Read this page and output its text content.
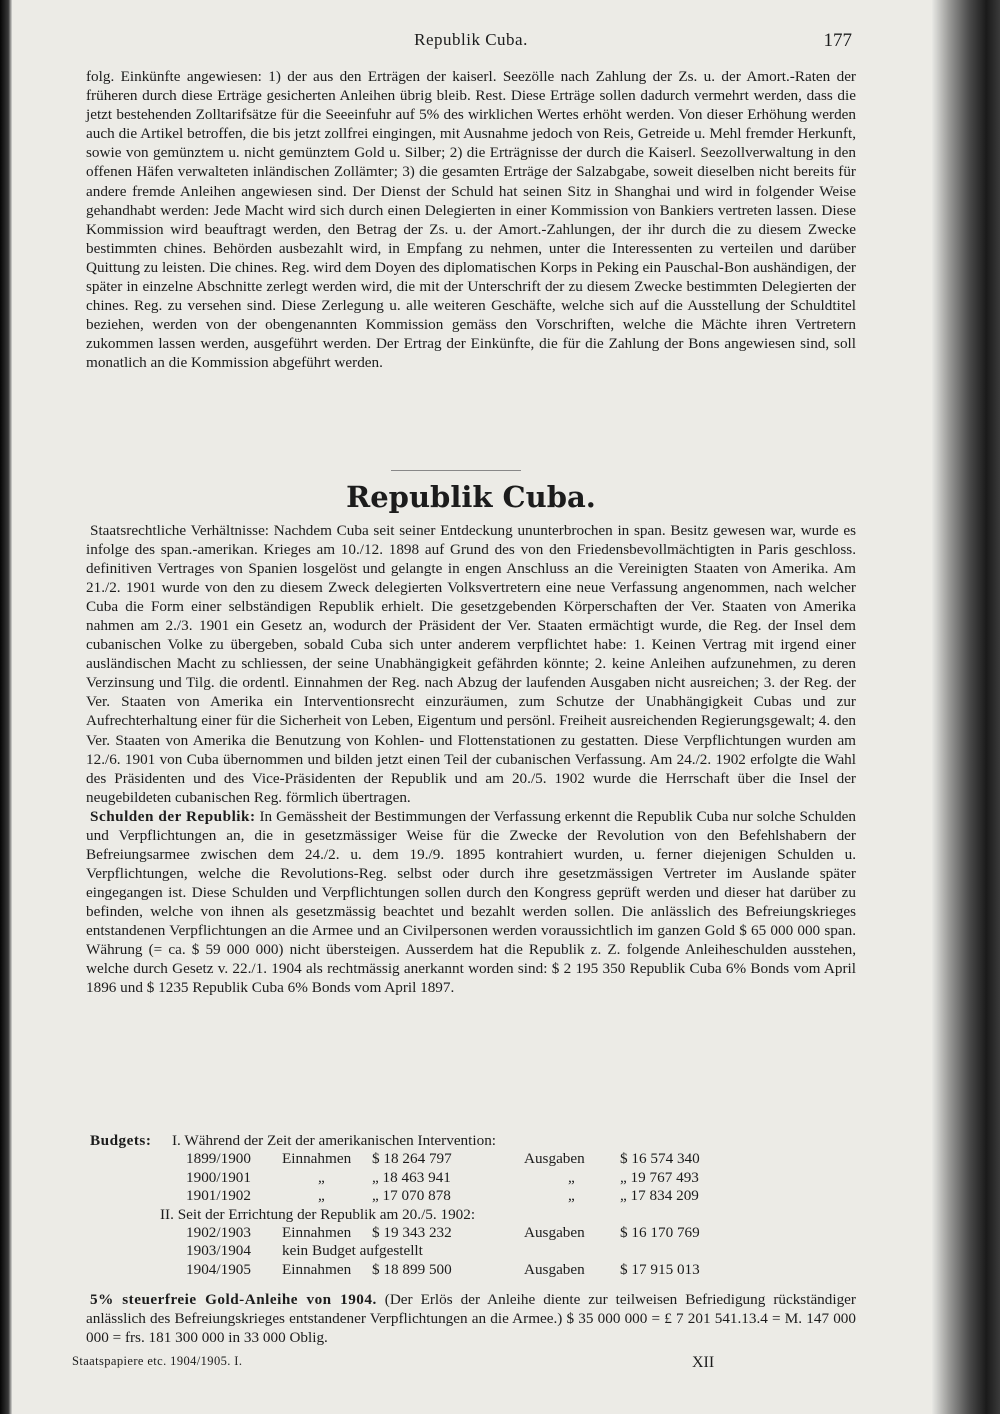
Republik Cuba.	177

folg. Einkünfte angewiesen: 1) der aus den Erträgen der kaiserl. Seezölle nach Zahlung der Zs. u. der Amort.-Raten der früheren durch diese Erträge gesicherten Anleihen übrig bleib. Rest. Diese Erträge sollen dadurch vermehrt werden, dass die jetzt bestehenden Zolltarifsätze für die Seeeinfuhr auf 5% des wirklichen Wertes erhöht werden. Von dieser Erhöhung werden auch die Artikel betroffen, die bis jetzt zollfrei eingingen, mit Ausnahme jedoch von Reis, Getreide u. Mehl fremder Herkunft, sowie von gemünztem u. nicht gemünztem Gold u. Silber; 2) die Erträgnisse der durch die Kaiserl. Seezollverwaltung in den offenen Häfen verwalteten inländischen Zollämter; 3) die gesamten Erträge der Salzabgabe, soweit dieselben nicht bereits für andere fremde Anleihen angewiesen sind. Der Dienst der Schuld hat seinen Sitz in Shanghai und wird in folgender Weise gehandhabt werden: Jede Macht wird sich durch einen Delegierten in einer Kommission von Bankiers vertreten lassen. Diese Kommission wird beauftragt werden, den Betrag der Zs. u. der Amort.-Zahlungen, der ihr durch die zu diesem Zwecke bestimmten chines. Behörden ausbezahlt wird, in Empfang zu nehmen, unter die Interessenten zu verteilen und darüber Quittung zu leisten. Die chines. Reg. wird dem Doyen des diplomatischen Korps in Peking ein Pauschal-Bon aushändigen, der später in einzelne Abschnitte zerlegt werden wird, die mit der Unterschrift der zu diesem Zwecke bestimmten Delegierten der chines. Reg. zu versehen sind. Diese Zerlegung u. alle weiteren Geschäfte, welche sich auf die Ausstellung der Schuldtitel beziehen, werden von der obengenannten Kommission gemäss den Vorschriften, welche die Mächte ihren Vertretern zukommen lassen werden, ausgeführt werden. Der Ertrag der Einkünfte, die für die Zahlung der Bons angewiesen sind, soll monatlich an die Kommission abgeführt werden.

Republik Cuba.

Staatsrechtliche Verhältnisse: Nachdem Cuba seit seiner Entdeckung ununterbrochen in span. Besitz gewesen war, wurde es infolge des span.-amerikan. Krieges am 10./12. 1898 auf Grund des von den Friedensbevollmächtigten in Paris geschloss. definitiven Vertrages von Spanien losgelöst und gelangte in engen Anschluss an die Vereinigten Staaten von Amerika. Am 21./2. 1901 wurde von den zu diesem Zweck delegierten Volksvertretern eine neue Verfassung angenommen, nach welcher Cuba die Form einer selbständigen Republik erhielt. Die gesetzgebenden Körperschaften der Ver. Staaten von Amerika nahmen am 2./3. 1901 ein Gesetz an, wodurch der Präsident der Ver. Staaten ermächtigt wurde, die Reg. der Insel dem cubanischen Volke zu übergeben, sobald Cuba sich unter anderem verpflichtet habe: 1. Keinen Vertrag mit irgend einer ausländischen Macht zu schliessen, der seine Unabhängigkeit gefährden könnte; 2. keine Anleihen aufzunehmen, zu deren Verzinsung und Tilg. die ordentl. Einnahmen der Reg. nach Abzug der laufenden Ausgaben nicht ausreichen; 3. der Reg. der Ver. Staaten von Amerika ein Interventionsrecht einzuräumen, zum Schutze der Unabhängigkeit Cubas und zur Aufrechterhaltung einer für die Sicherheit von Leben, Eigentum und persönl. Freiheit ausreichenden Regierungsgewalt; 4. den Ver. Staaten von Amerika die Benutzung von Kohlen- und Flottenstationen zu gestatten. Diese Verpflichtungen wurden am 12./6. 1901 von Cuba übernommen und bilden jetzt einen Teil der cubanischen Verfassung. Am 24./2. 1902 erfolgte die Wahl des Präsidenten und des Vice-Präsidenten der Republik und am 20./5. 1902 wurde die Herrschaft über die Insel der neugebildeten cubanischen Reg. förmlich übertragen.

Schulden der Republik: In Gemässheit der Bestimmungen der Verfassung erkennt die Republik Cuba nur solche Schulden und Verpflichtungen an, die in gesetzmässiger Weise für die Zwecke der Revolution von den Befehlshabern der Befreiungsarmee zwischen dem 24./2. u. dem 19./9. 1895 kontrahiert wurden, u. ferner diejenigen Schulden u. Verpflichtungen, welche die Revolutions-Reg. selbst oder durch ihre gesetzmässigen Vertreter im Auslande später eingegangen ist. Diese Schulden und Verpflichtungen sollen durch den Kongress geprüft werden und dieser hat darüber zu befinden, welche von ihnen als gesetzmässig beachtet und bezahlt werden sollen. Die anlässlich des Befreiungskrieges entstandenen Verpflichtungen an die Armee und an Civilpersonen werden voraussichtlich im ganzen Gold $ 65 000 000 span. Währung (= ca. $ 59 000 000) nicht übersteigen. Ausserdem hat die Republik z. Z. folgende Anleiheschulden ausstehen, welche durch Gesetz v. 22./1. 1904 als rechtmässig anerkannt worden sind: $ 2 195 350 Republik Cuba 6% Bonds vom April 1896 und $ 1235 Republik Cuba 6% Bonds vom April 1897.

Budgets: I. Während der Zeit der amerikanischen Intervention:
1899/1900 Einnahmen $ 18 264 797	Ausgaben $ 16 574 340
1900/1901	„	„ 18 463 941	„	„ 19 767 493
1901/1902	„	„ 17 070 878	„	„ 17 834 209
II. Seit der Errichtung der Republik am 20./5. 1902:
1902/1903 Einnahmen $ 19 343 232	Ausgaben $ 16 170 769
1903/1904 kein Budget aufgestellt
1904/1905 Einnahmen $ 18 899 500	Ausgaben $ 17 915 013

5% steuerfreie Gold-Anleihe von 1904. (Der Erlös der Anleihe diente zur teilweisen Befriedigung rückständiger anlässlich des Befreiungskrieges entstandener Verpflichtungen an die Armee.) $ 35 000 000 = £ 7 201 541.13.4 = M. 147 000 000 = frs. 181 300 000 in 33 000 Oblig.

Staatspapiere etc. 1904/1905. I.	XII
